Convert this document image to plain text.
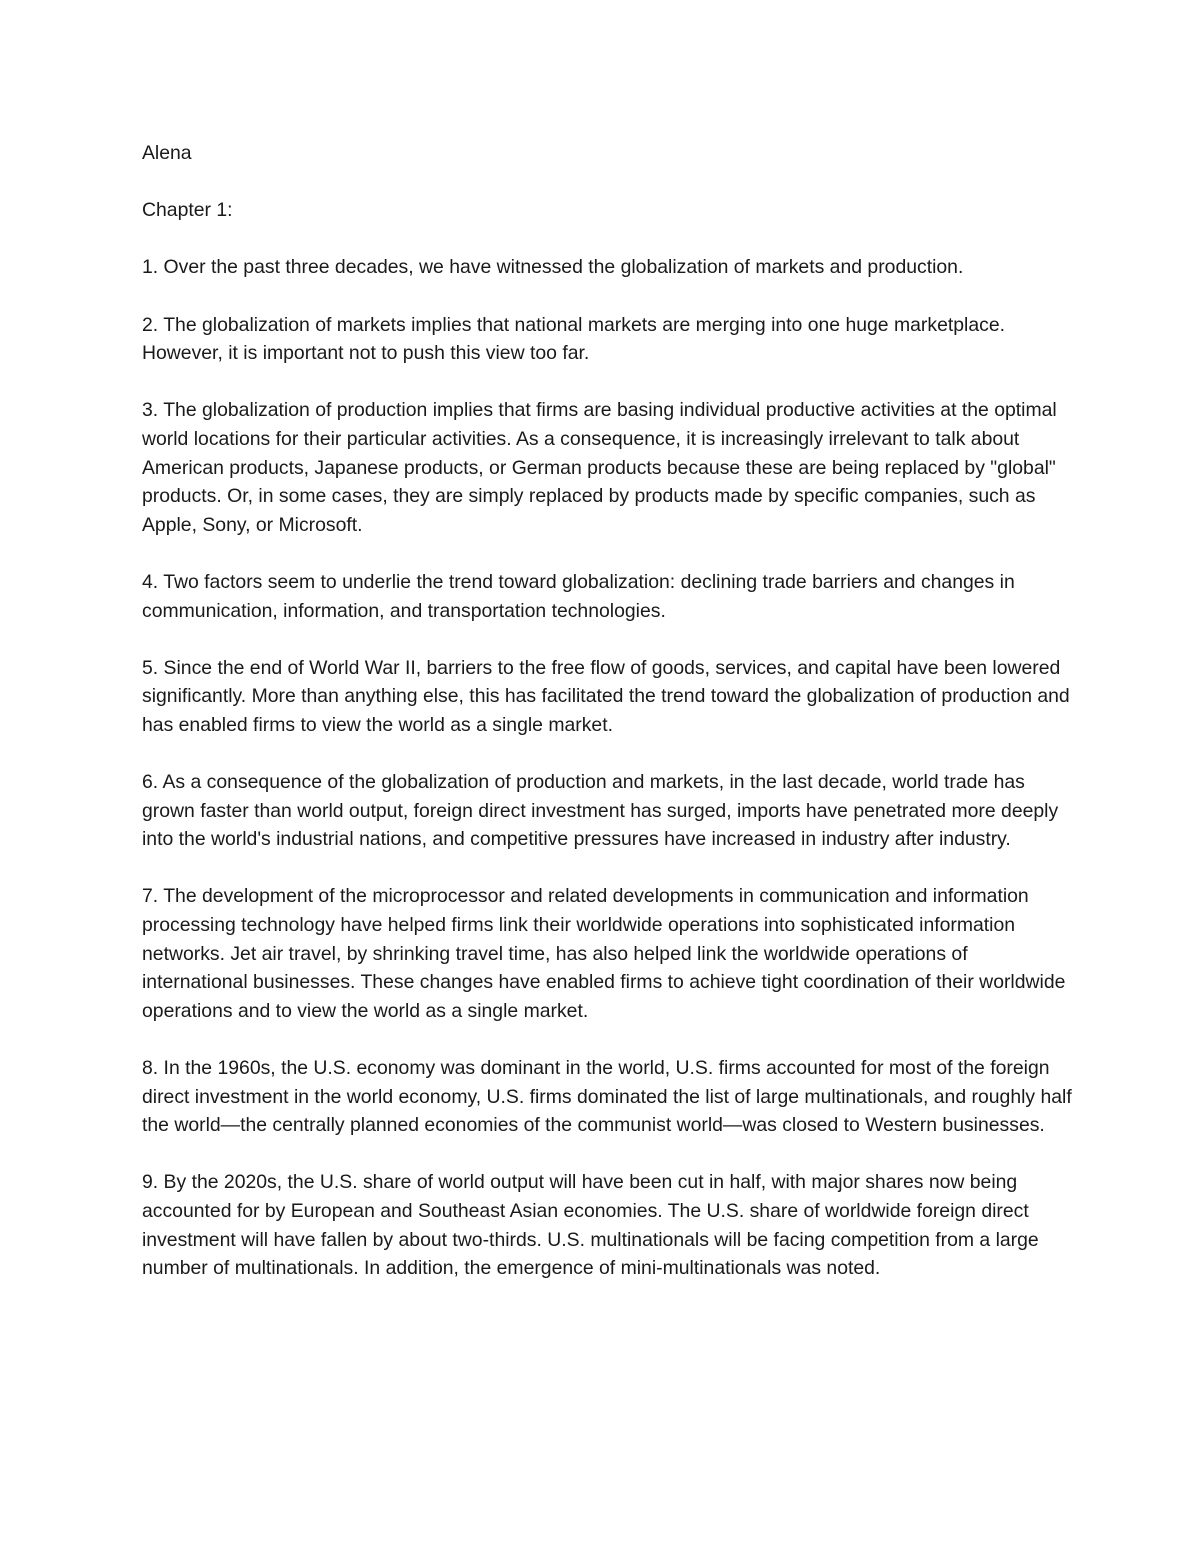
Alena

Chapter 1:

1. Over the past three decades, we have witnessed the globalization of markets and production.

2. The globalization of markets implies that national markets are merging into one huge marketplace. However, it is important not to push this view too far.

3. The globalization of production implies that firms are basing individual productive activities at the optimal world locations for their particular activities. As a consequence, it is increasingly irrelevant to talk about American products, Japanese products, or German products because these are being replaced by "global" products. Or, in some cases, they are simply replaced by products made by specific companies, such as Apple, Sony, or Microsoft.

4. Two factors seem to underlie the trend toward globalization: declining trade barriers and changes in communication, information, and transportation technologies.

5. Since the end of World War II, barriers to the free flow of goods, services, and capital have been lowered significantly. More than anything else, this has facilitated the trend toward the globalization of production and has enabled firms to view the world as a single market.

6. As a consequence of the globalization of production and markets, in the last decade, world trade has grown faster than world output, foreign direct investment has surged, imports have penetrated more deeply into the world's industrial nations, and competitive pressures have increased in industry after industry.

7. The development of the microprocessor and related developments in communication and information processing technology have helped firms link their worldwide operations into sophisticated information networks. Jet air travel, by shrinking travel time, has also helped link the worldwide operations of international businesses. These changes have enabled firms to achieve tight coordination of their worldwide operations and to view the world as a single market.

8. In the 1960s, the U.S. economy was dominant in the world, U.S. firms accounted for most of the foreign direct investment in the world economy, U.S. firms dominated the list of large multinationals, and roughly half the world—the centrally planned economies of the communist world—was closed to Western businesses.

9. By the 2020s, the U.S. share of world output will have been cut in half, with major shares now being accounted for by European and Southeast Asian economies. The U.S. share of worldwide foreign direct investment will have fallen by about two-thirds. U.S. multinationals will be facing competition from a large number of multinationals. In addition, the emergence of mini-multinationals was noted.
